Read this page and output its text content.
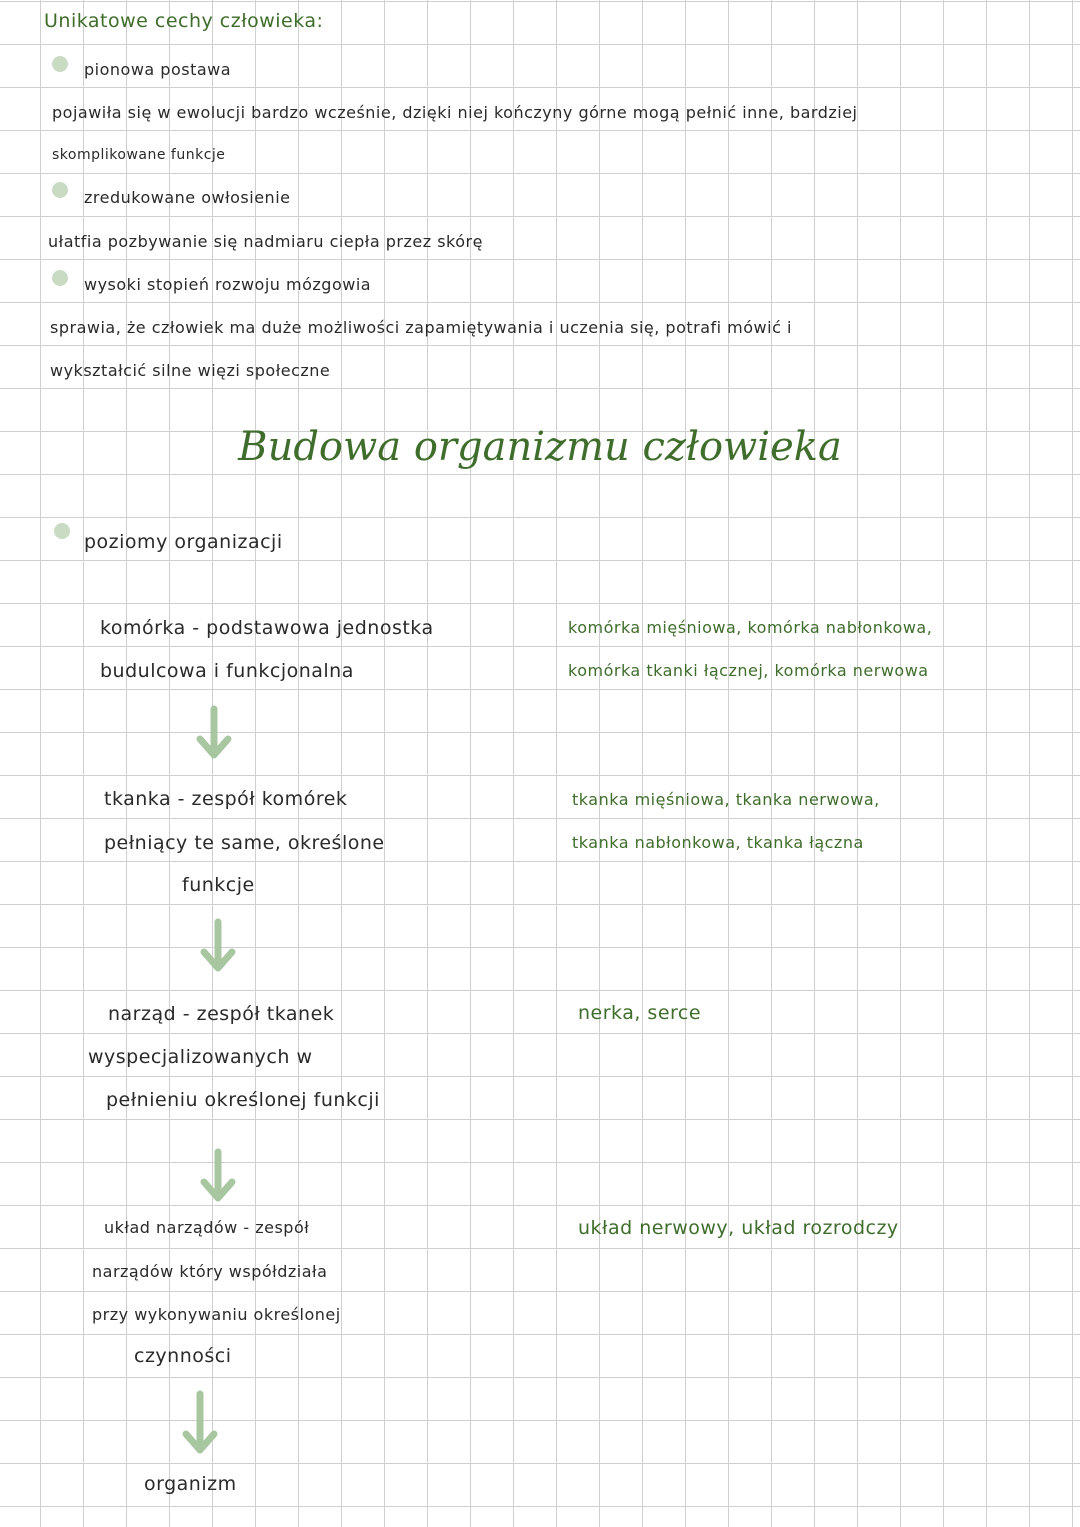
Unikatowe cechy człowieka:
pionowa postawa
pojawiła się w ewolucji bardzo wcześnie, dzięki niej kończyny górne mogą pełnić inne, bardziej
skomplikowane funkcje
zredukowane owłosienie
ułatfia pozbywanie się nadmiaru ciepła przez skórę
wysoki stopień rozwoju mózgowia
sprawia, że człowiek ma duże możliwości zapamiętywania i uczenia się, potrafi mówić i
wykształcić silne więzi społeczne
Budowa organizmu człowieka
poziomy organizacji
komórka - podstawowa jednostka
budulcowa i funkcjonalna
komórka mięśniowa, komórka nabłonkowa,
komórka tkanki łącznej, komórka nerwowa
tkanka - zespół komórek
pełniący te same, określone
funkcje
tkanka mięśniowa, tkanka nerwowa,
tkanka nabłonkowa, tkanka łączna
narząd - zespół tkanek
wyspecjalizowanych w
pełnieniu określonej funkcji
nerka, serce
układ narządów - zespół
narządów który współdziała
przy wykonywaniu określonej
czynności
układ nerwowy, układ rozrodczy
organizm
